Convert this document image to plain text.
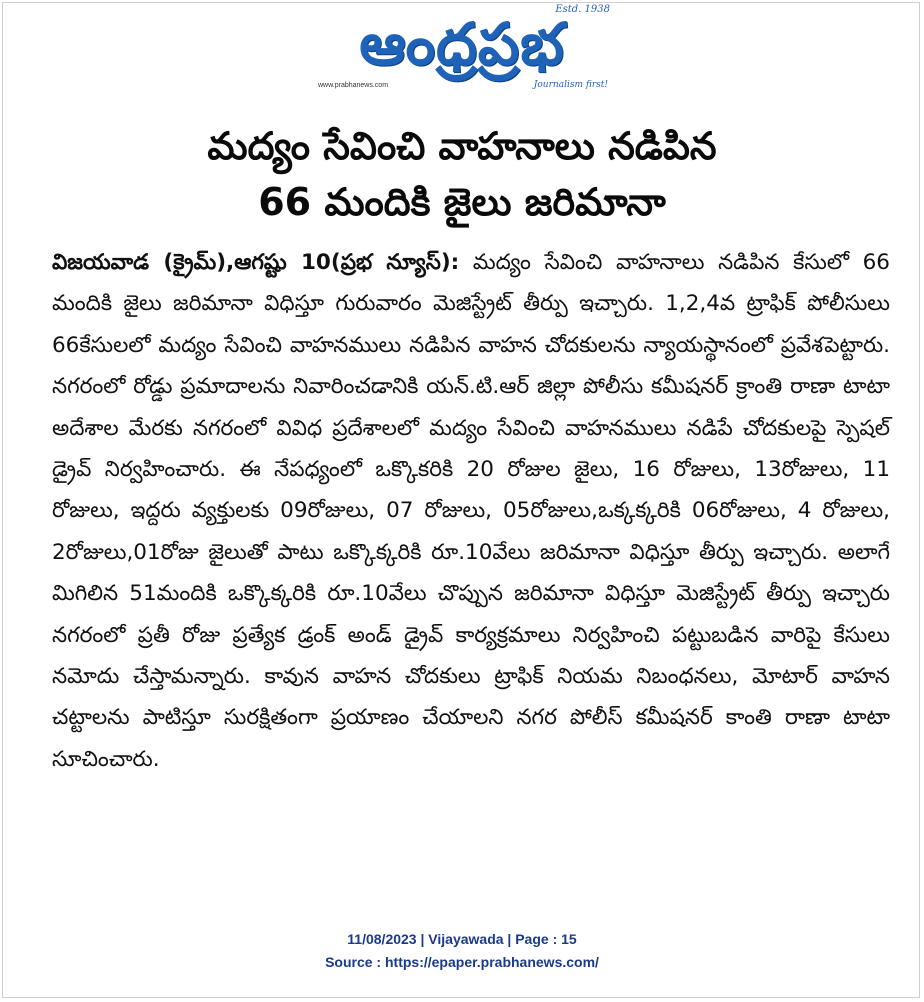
ఆంధ్రప్రభ
Estd. 1938
www.prabhanews.com	Journalism first!
మద్యం సేవించి వాహనాలు నడిపిన
66 మందికి జైలు జరిమానా
విజయవాడ (క్రైమ్),ఆగష్టు 10(ప్రభ న్యూస్): మద్యం సేవించి వాహనాలు నడిపిన కేసులో 66 మందికి జైలు జరిమానా విధిస్తూ గురువారం మెజిస్ట్రేట్ తీర్పు ఇచ్చారు. 1,2,4వ ట్రాఫిక్ పోలీసులు 66కేసులలో మద్యం సేవించి వాహనములు నడిపిన వాహన చోదకులను న్యాయస్థానంలో ప్రవేశపెట్టారు. నగరంలో రోడ్డు ప్రమాదాలను నివారించడానికి యన్.టి.ఆర్ జిల్లా పోలీసు కమీషనర్ క్రాంతి రాణా టాటా అదేశాల మేరకు నగరంలో వివిధ ప్రదేశాలలో మద్యం సేవించి వాహనములు నడిపే చోదకులపై స్పెషల్ డ్రైవ్ నిర్వహించారు. ఈ నేపధ్యంలో ఒక్కొకరికి 20 రోజుల జైలు, 16 రోజులు, 13రోజులు, 11 రోజులు, ఇద్దరు వ్యక్తులకు 09రోజులు, 07 రోజులు, 05రోజులు,ఒక్కక్కరికి 06రోజులు, 4 రోజులు, 2రోజులు,01రోజు జైలుతో పాటు ఒక్కొక్కరికి రూ.10వేలు జరిమానా విధిస్తూ తీర్పు ఇచ్చారు. అలాగే మిగిలిన 51మందికి ఒక్కొక్కరికి రూ.10వేలు చొప్పున జరిమానా విధిస్తూ మెజిస్ట్రేట్ తీర్పు ఇచ్చారు నగరంలో ప్రతీ రోజు ప్రత్యేక డ్రంక్ అండ్ డ్రైవ్ కార్యక్రమాలు నిర్వహించి పట్టుబడిన వారిపై కేసులు నమోదు చేస్తామన్నారు. కావున వాహన చోదకులు ట్రాఫిక్ నియమ నిబంధనలు, మోటార్ వాహన చట్టాలను పాటిస్తూ సురక్షితంగా ప్రయాణం చేయాలని నగర పోలీస్ కమీషనర్ కాంతి రాణా టాటా సూచించారు.
11/08/2023 | Vijayawada | Page : 15
Source : https://epaper.prabhanews.com/
